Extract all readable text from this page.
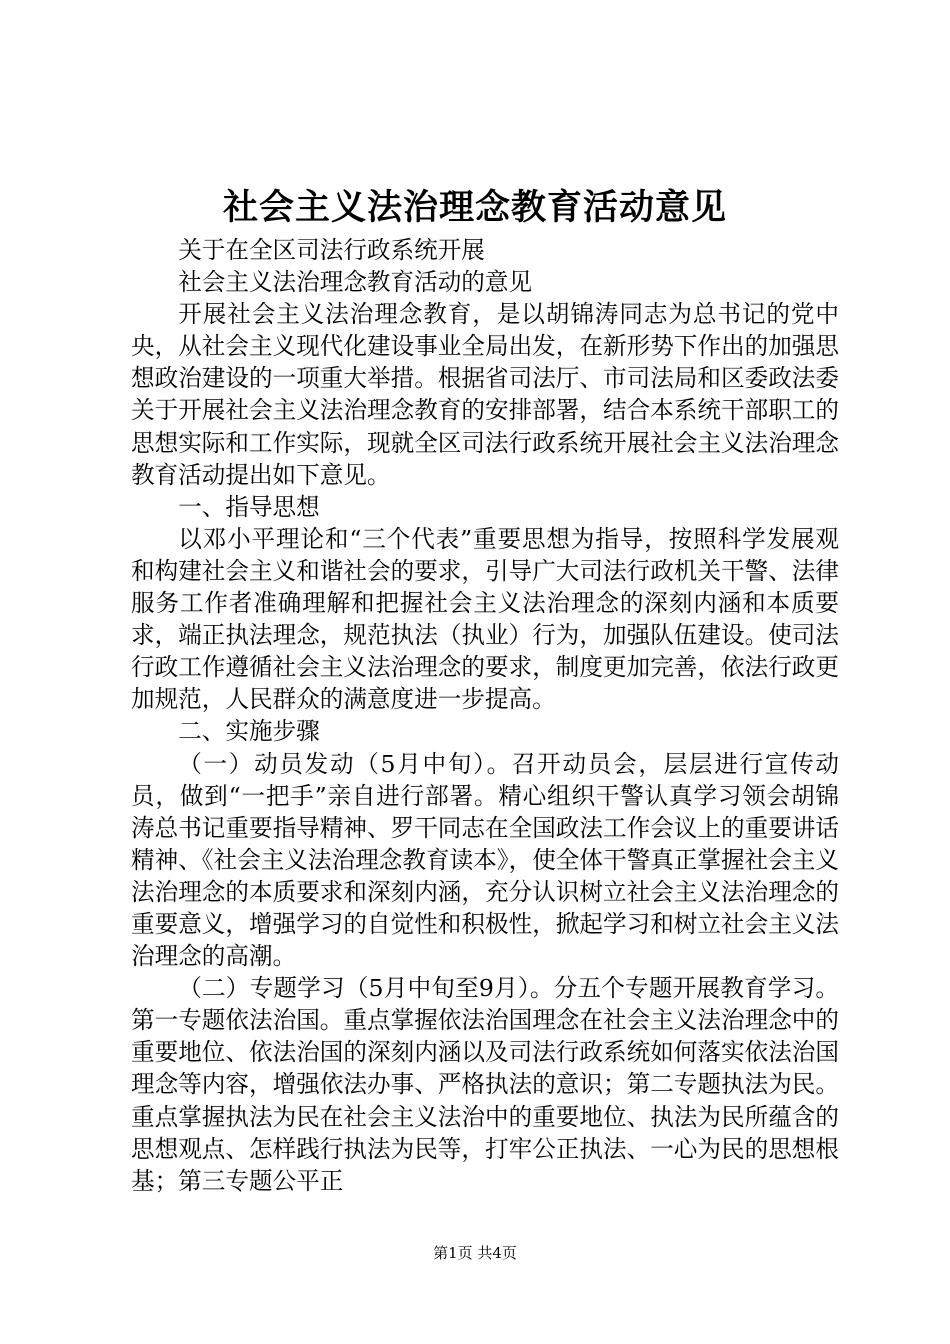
社会主义法治理念教育活动意见

关于在全区司法行政系统开展

社会主义法治理念教育活动的意见

开展社会主义法治理念教育，是以胡锦涛同志为总书记的党中央，从社会主义现代化建设事业全局出发，在新形势下作出的加强思想政治建设的一项重大举措。根据省司法厅、市司法局和区委政法委关于开展社会主义法治理念教育的安排部署，结合本系统干部职工的思想实际和工作实际，现就全区司法行政系统开展社会主义法治理念教育活动提出如下意见。

一、指导思想

以邓小平理论和“三个代表”重要思想为指导，按照科学发展观和构建社会主义和谐社会的要求，引导广大司法行政机关干警、法律服务工作者准确理解和把握社会主义法治理念的深刻内涵和本质要求，端正执法理念，规范执法（执业）行为，加强队伍建设。使司法行政工作遵循社会主义法治理念的要求，制度更加完善，依法行政更加规范，人民群众的满意度进一步提高。

二、实施步骤

（一）动员发动（5月中旬）。召开动员会，层层进行宣传动员，做到“一把手”亲自进行部署。精心组织干警认真学习领会胡锦涛总书记重要指导精神、罗干同志在全国政法工作会议上的重要讲话精神、《社会主义法治理念教育读本》，使全体干警真正掌握社会主义法治理念的本质要求和深刻内涵，充分认识树立社会主义法治理念的重要意义，增强学习的自觉性和积极性，掀起学习和树立社会主义法治理念的高潮。

（二）专题学习（5月中旬至9月）。分五个专题开展教育学习。第一专题依法治国。重点掌握依法治国理念在社会主义法治理念中的重要地位、依法治国的深刻内涵以及司法行政系统如何落实依法治国理念等内容，增强依法办事、严格执法的意识；第二专题执法为民。重点掌握执法为民在社会主义法治中的重要地位、执法为民所蕴含的思想观点、怎样践行执法为民等，打牢公正执法、一心为民的思想根基；第三专题公平正

第1页 共4页
